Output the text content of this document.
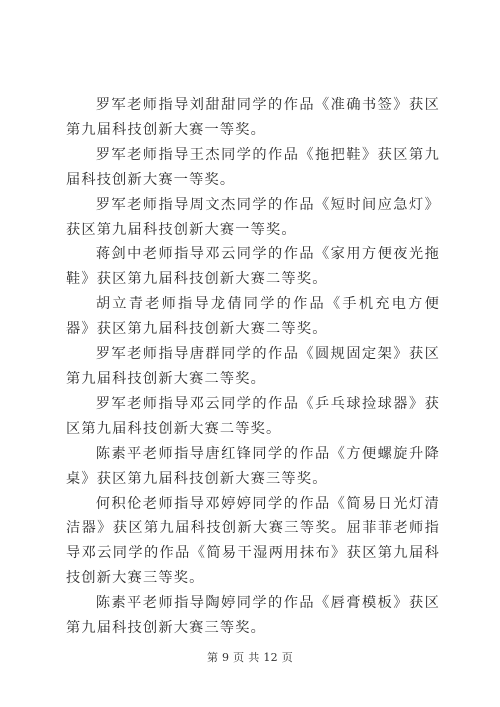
罗军老师指导刘甜甜同学的作品《准确书签》获区第九届科技创新大赛一等奖。

罗军老师指导王杰同学的作品《拖把鞋》获区第九届科技创新大赛一等奖。

罗军老师指导周文杰同学的作品《短时间应急灯》获区第九届科技创新大赛一等奖。

蒋剑中老师指导邓云同学的作品《家用方便夜光拖鞋》获区第九届科技创新大赛二等奖。

胡立青老师指导龙倩同学的作品《手机充电方便器》获区第九届科技创新大赛二等奖。

罗军老师指导唐群同学的作品《圆规固定架》获区第九届科技创新大赛二等奖。

罗军老师指导邓云同学的作品《乒乓球捡球器》获区第九届科技创新大赛二等奖。

陈素平老师指导唐红锋同学的作品《方便螺旋升降桌》获区第九届科技创新大赛三等奖。

何积伦老师指导邓婷婷同学的作品《简易日光灯清洁器》获区第九届科技创新大赛三等奖。屈菲菲老师指导邓云同学的作品《简易干湿两用抹布》获区第九届科技创新大赛三等奖。

陈素平老师指导陶婷同学的作品《唇膏模板》获区第九届科技创新大赛三等奖。

第 9 页 共 12 页
